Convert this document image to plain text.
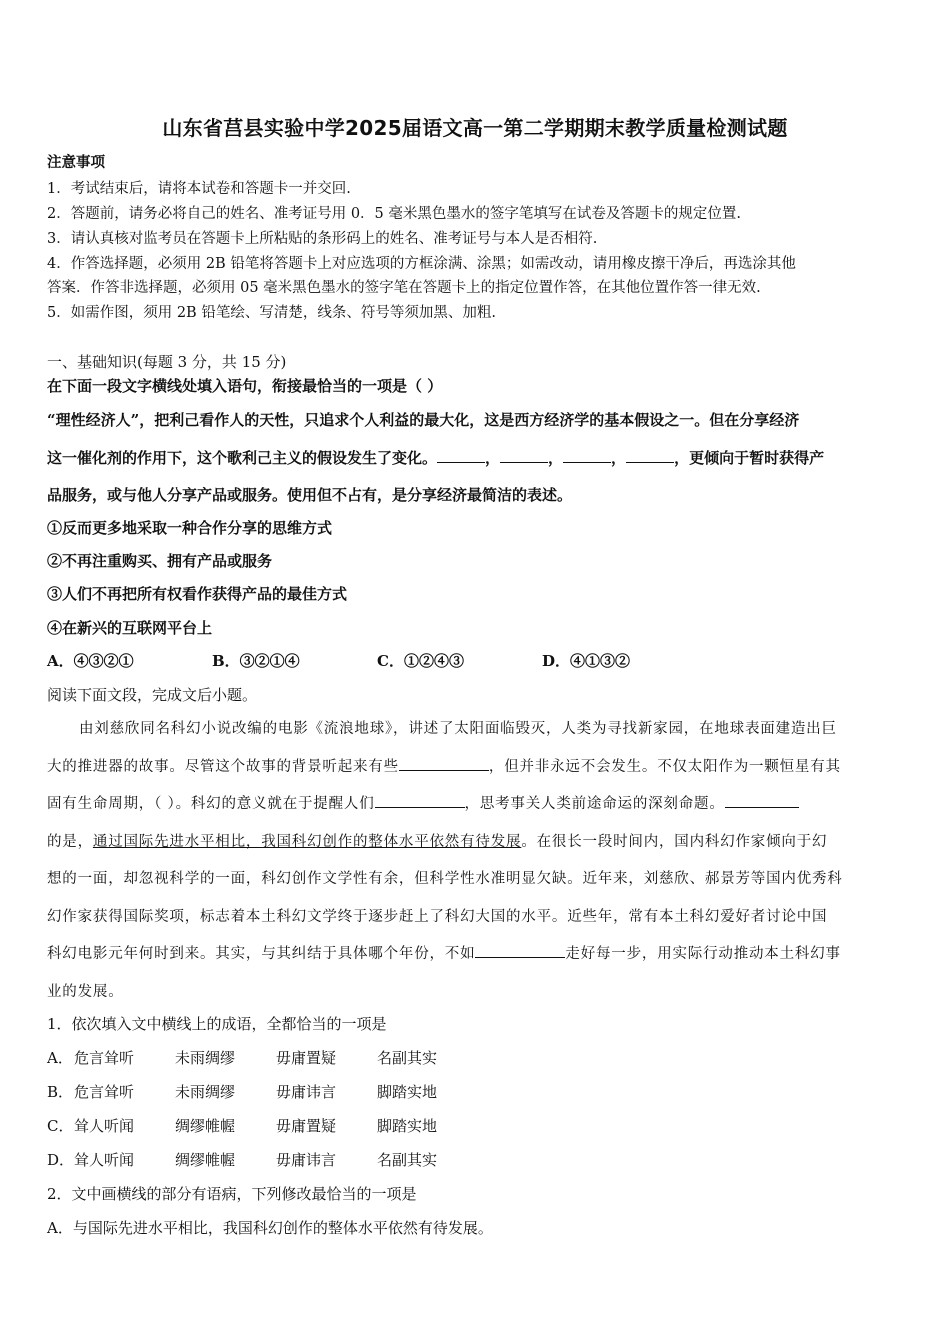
山东省莒县实验中学2025届语文高一第二学期期末教学质量检测试题
注意事项
1．考试结束后，请将本试卷和答题卡一并交回.
2．答题前，请务必将自己的姓名、准考证号用 0．5 毫米黑色墨水的签字笔填写在试卷及答题卡的规定位置.
3．请认真核对监考员在答题卡上所粘贴的条形码上的姓名、准考证号与本人是否相符.
4．作答选择题，必须用 2B 铅笔将答题卡上对应选项的方框涂满、涂黑；如需改动，请用橡皮擦干净后，再选涂其他
答案．作答非选择题，必须用 05 毫米黑色墨水的签字笔在答题卡上的指定位置作答，在其他位置作答一律无效.
5．如需作图，须用 2B 铅笔绘、写清楚，线条、符号等须加黑、加粗.
一、基础知识(每题 3 分，共 15 分)
在下面一段文字横线处填入语句，衔接最恰当的一项是（ ）
“理性经济人”，把利己看作人的天性，只追求个人利益的最大化，这是西方经济学的基本假设之一。但在分享经济
这一催化剂的作用下，这个歌利己主义的假设发生了变化。	，	，	，	，更倾向于暂时获得产
品服务，或与他人分享产品或服务。使用但不占有，是分享经济最简洁的表述。
①反而更多地采取一种合作分享的思维方式
②不再注重购买、拥有产品或服务
③人们不再把所有权看作获得产品的最佳方式
④在新兴的互联网平台上
A．④③②①	B．③②①④	C．①②④③	D．④①③②
阅读下面文段，完成文后小题。
由刘慈欣同名科幻小说改编的电影《流浪地球》，讲述了太阳面临毁灭，人类为寻找新家园，在地球表面建造出巨
大的推进器的故事。尽管这个故事的背景听起来有些	，但并非永远不会发生。不仅太阳作为一颗恒星有其
固有生命周期，（ ）。科幻的意义就在于提醒人们	，思考事关人类前途命运的深刻命题。
的是，通过国际先进水平相比，我国科幻创作的整体水平依然有待发展。在很长一段时间内，国内科幻作家倾向于幻
想的一面，却忽视科学的一面，科幻创作文学性有余，但科学性水准明显欠缺。近年来，刘慈欣、郝景芳等国内优秀科
幻作家获得国际奖项，标志着本土科幻文学终于逐步赶上了科幻大国的水平。近些年，常有本土科幻爱好者讨论中国
科幻电影元年何时到来。其实，与其纠结于具体哪个年份，不如	走好每一步，用实际行动推动本土科幻事
业的发展。
1．依次填入文中横线上的成语，全都恰当的一项是
A．危言耸听	未雨绸缪	毋庸置疑	名副其实
B．危言耸听	未雨绸缪	毋庸讳言	脚踏实地
C．耸人听闻	绸缪帷幄	毋庸置疑	脚踏实地
D．耸人听闻	绸缪帷幄	毋庸讳言	名副其实
2．文中画横线的部分有语病，下列修改最恰当的一项是
A．与国际先进水平相比，我国科幻创作的整体水平依然有待发展。
